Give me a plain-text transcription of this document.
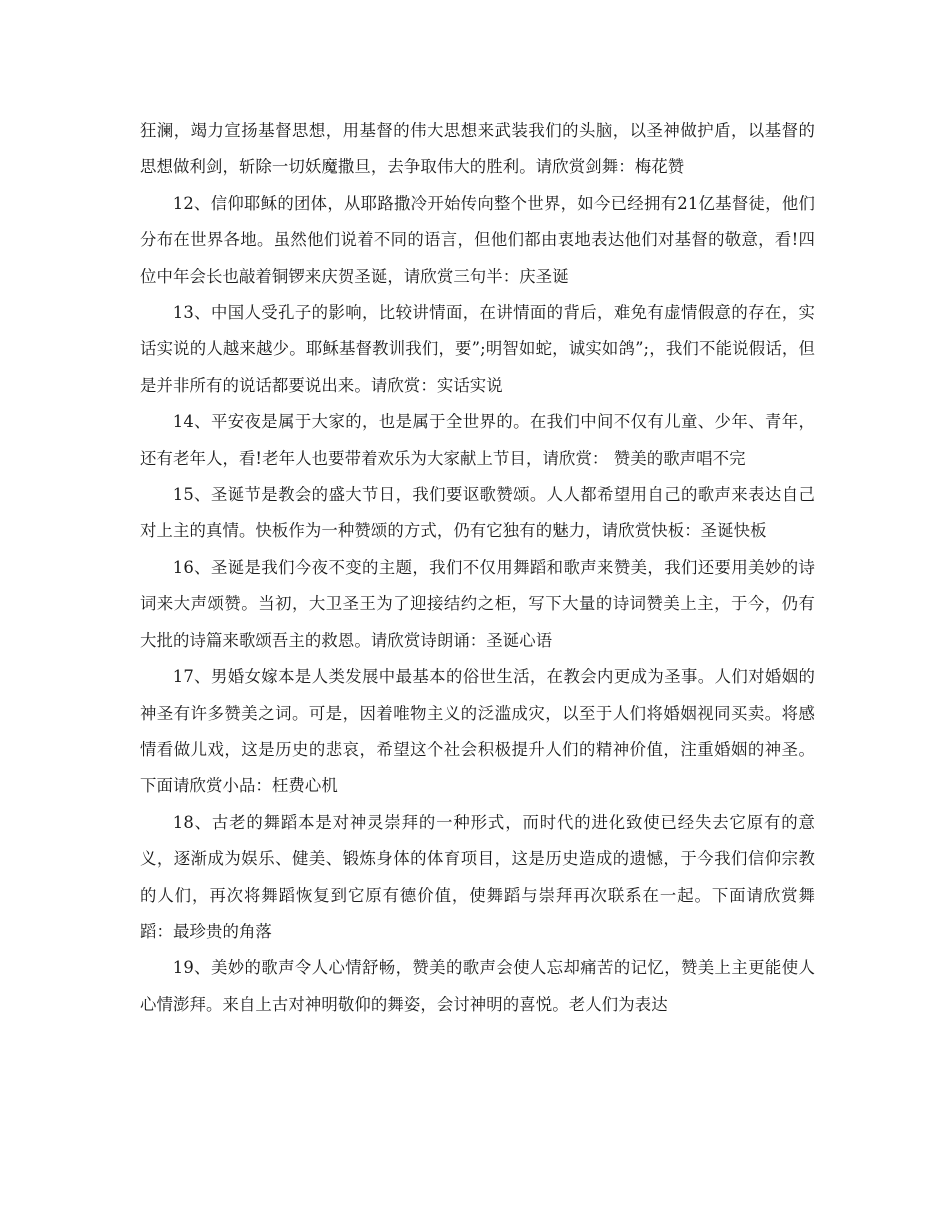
狂澜，竭力宣扬基督思想，用基督的伟大思想来武装我们的头脑，以圣神做护盾，以基督的思想做利剑，斩除一切妖魔撒旦，去争取伟大的胜利。请欣赏剑舞：梅花赞

12、信仰耶稣的团体，从耶路撒冷开始传向整个世界，如今已经拥有21亿基督徒，他们分布在世界各地。虽然他们说着不同的语言，但他们都由衷地表达他们对基督的敬意，看!四位中年会长也敲着铜锣来庆贺圣诞，请欣赏三句半：庆圣诞

13、中国人受孔子的影响，比较讲情面，在讲情面的背后，难免有虚情假意的存在，实话实说的人越来越少。耶稣基督教训我们，要”;明智如蛇，诚实如鸽”;，我们不能说假话，但是并非所有的说话都要说出来。请欣赏：实话实说

14、平安夜是属于大家的，也是属于全世界的。在我们中间不仅有儿童、少年、青年，还有老年人，看!老年人也要带着欢乐为大家献上节目，请欣赏： 赞美的歌声唱不完

15、圣诞节是教会的盛大节日，我们要讴歌赞颂。人人都希望用自己的歌声来表达自己对上主的真情。快板作为一种赞颂的方式，仍有它独有的魅力，请欣赏快板：圣诞快板

16、圣诞是我们今夜不变的主题，我们不仅用舞蹈和歌声来赞美，我们还要用美妙的诗词来大声颂赞。当初，大卫圣王为了迎接结约之柜，写下大量的诗词赞美上主，于今，仍有大批的诗篇来歌颂吾主的救恩。请欣赏诗朗诵：圣诞心语

17、男婚女嫁本是人类发展中最基本的俗世生活，在教会内更成为圣事。人们对婚姻的神圣有许多赞美之词。可是，因着唯物主义的泛滥成灾，以至于人们将婚姻视同买卖。将感情看做儿戏，这是历史的悲哀，希望这个社会积极提升人们的精神价值，注重婚姻的神圣。下面请欣赏小品：枉费心机

18、古老的舞蹈本是对神灵崇拜的一种形式，而时代的进化致使已经失去它原有的意义，逐渐成为娱乐、健美、锻炼身体的体育项目，这是历史造成的遗憾，于今我们信仰宗教的人们，再次将舞蹈恢复到它原有德价值，使舞蹈与崇拜再次联系在一起。下面请欣赏舞蹈：最珍贵的角落

19、美妙的歌声令人心情舒畅，赞美的歌声会使人忘却痛苦的记忆，赞美上主更能使人心情澎拜。来自上古对神明敬仰的舞姿，会讨神明的喜悦。老人们为表达
